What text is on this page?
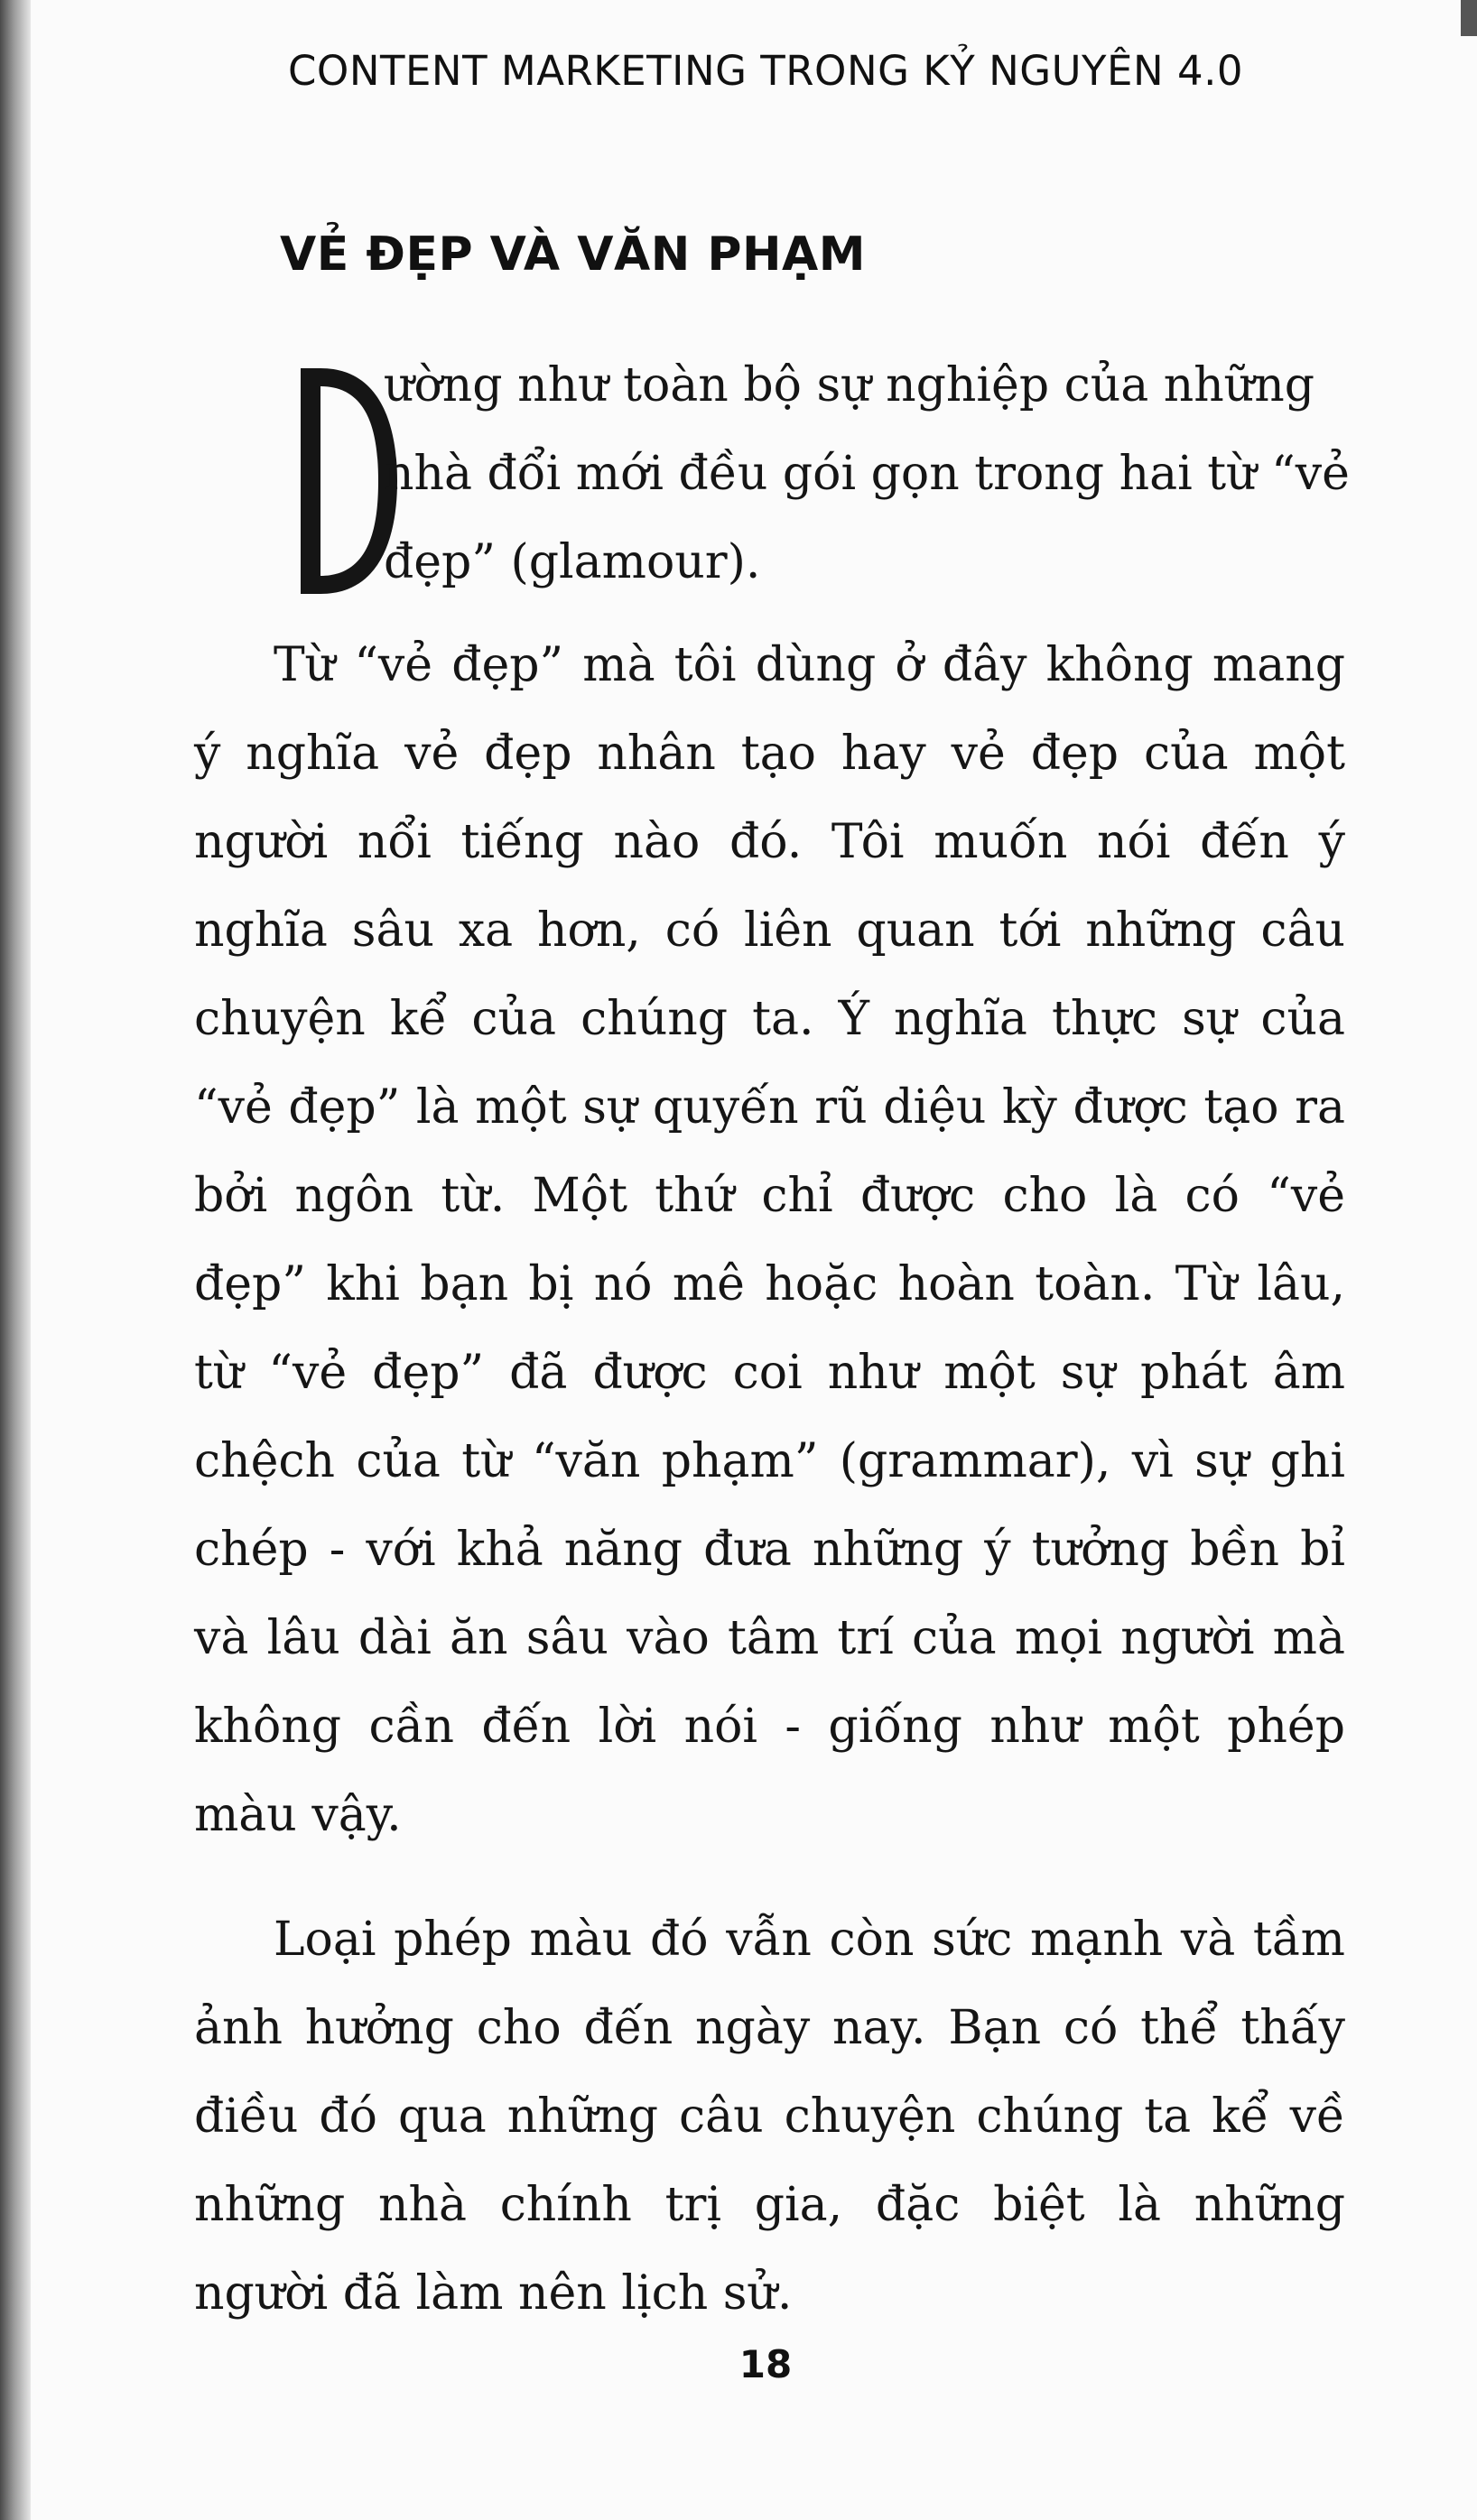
CONTENT MARKETING TRONG KỶ NGUYÊN 4.0
VẺ ĐẸP VÀ VĂN PHẠM
ường như toàn bộ sự nghiệp của những
nhà đổi mới đều gói gọn trong hai từ “vẻ
đẹp” (glamour).

Từ “vẻ đẹp” mà tôi dùng ở đây không mang ý nghĩa vẻ đẹp nhân tạo hay vẻ đẹp của một người nổi tiếng nào đó. Tôi muốn nói đến ý nghĩa sâu xa hơn, có liên quan tới những câu chuyện kể của chúng ta. Ý nghĩa thực sự của “vẻ đẹp” là một sự quyến rũ diệu kỳ được tạo ra bởi ngôn từ. Một thứ chỉ được cho là có “vẻ đẹp” khi bạn bị nó mê hoặc hoàn toàn. Từ lâu, từ “vẻ đẹp” đã được coi như một sự phát âm chệch của từ “văn phạm” (grammar), vì sự ghi chép - với khả năng đưa những ý tưởng bền bỉ và lâu dài ăn sâu vào tâm trí của mọi người mà không cần đến lời nói - giống như một phép màu vậy.

Loại phép màu đó vẫn còn sức mạnh và tầm ảnh hưởng cho đến ngày nay. Bạn có thể thấy điều đó qua những câu chuyện chúng ta kể về những nhà chính trị gia, đặc biệt là những người đã làm nên lịch sử.

18
